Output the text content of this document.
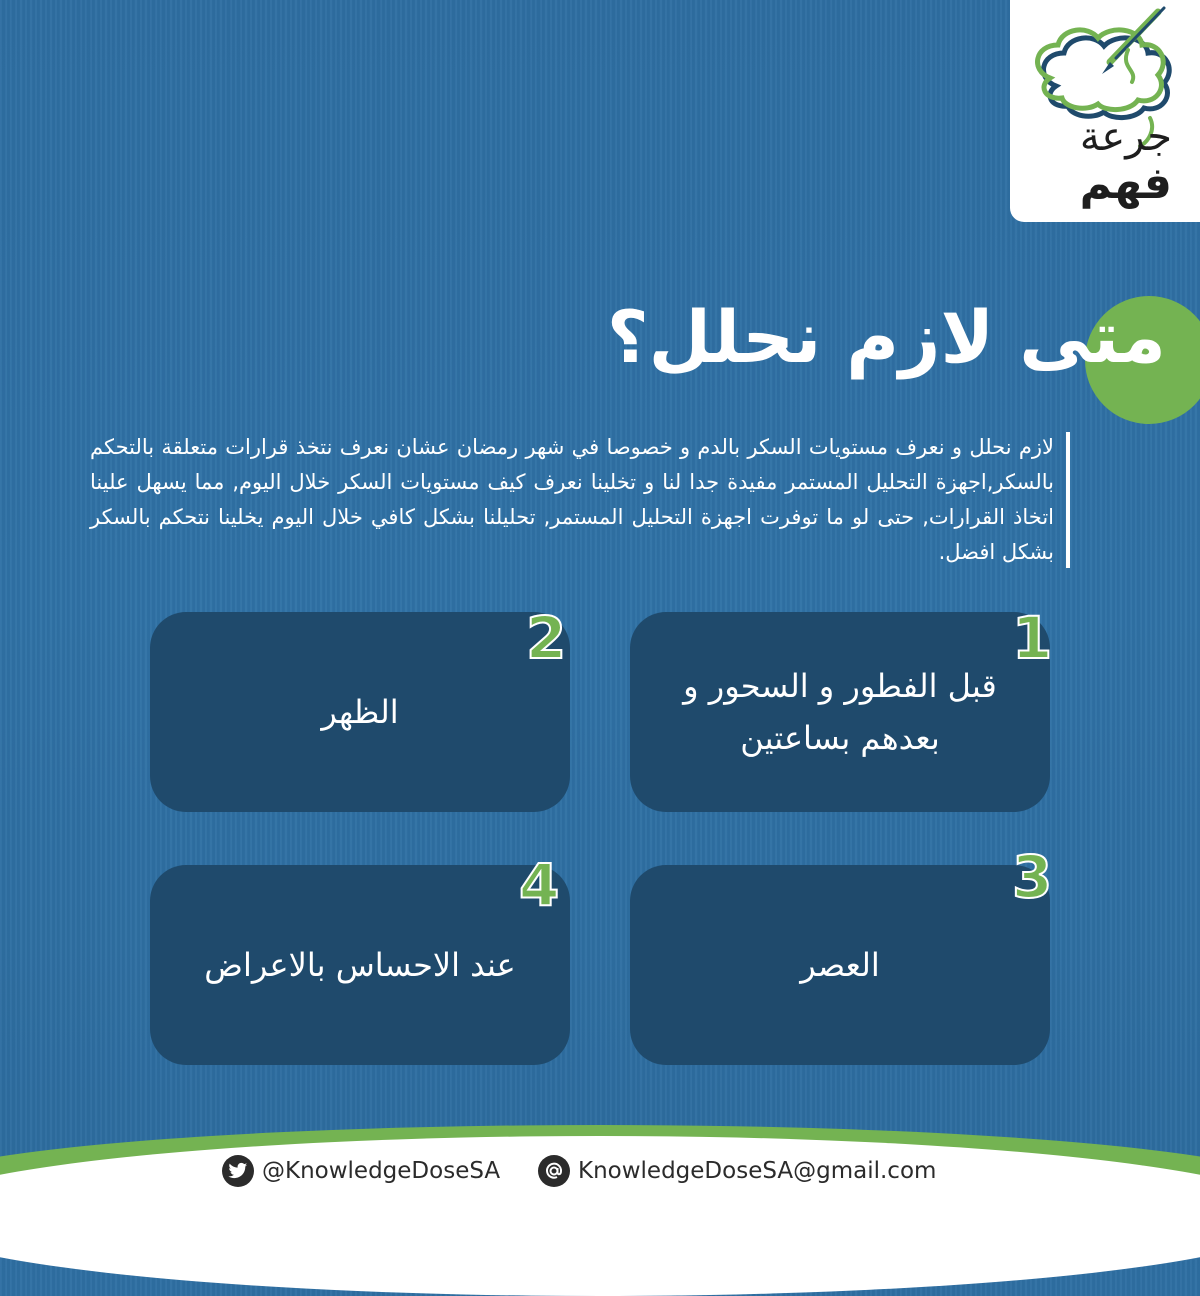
جرعة
فهم
متى لازم نحلل؟
لازم نحلل و نعرف مستويات السكر بالدم و خصوصا في شهر رمضان عشان نعرف نتخذ قرارات متعلقة بالتحكم بالسكر,اجهزة التحليل المستمر مفيدة جدا لنا و تخلينا نعرف كيف مستويات السكر خلال اليوم, مما يسهل علينا اتخاذ القرارات, حتى لو ما توفرت اجهزة التحليل المستمر, تحليلنا بشكل كافي خلال اليوم يخلينا نتحكم بالسكر بشكل افضل.
قبل الفطور و السحور و بعدهم بساعتين
1
الظهر
2
العصر
3
عند الاحساس بالاعراض
4
KnowledgeDoseSA@gmail.com
@KnowledgeDoseSA
